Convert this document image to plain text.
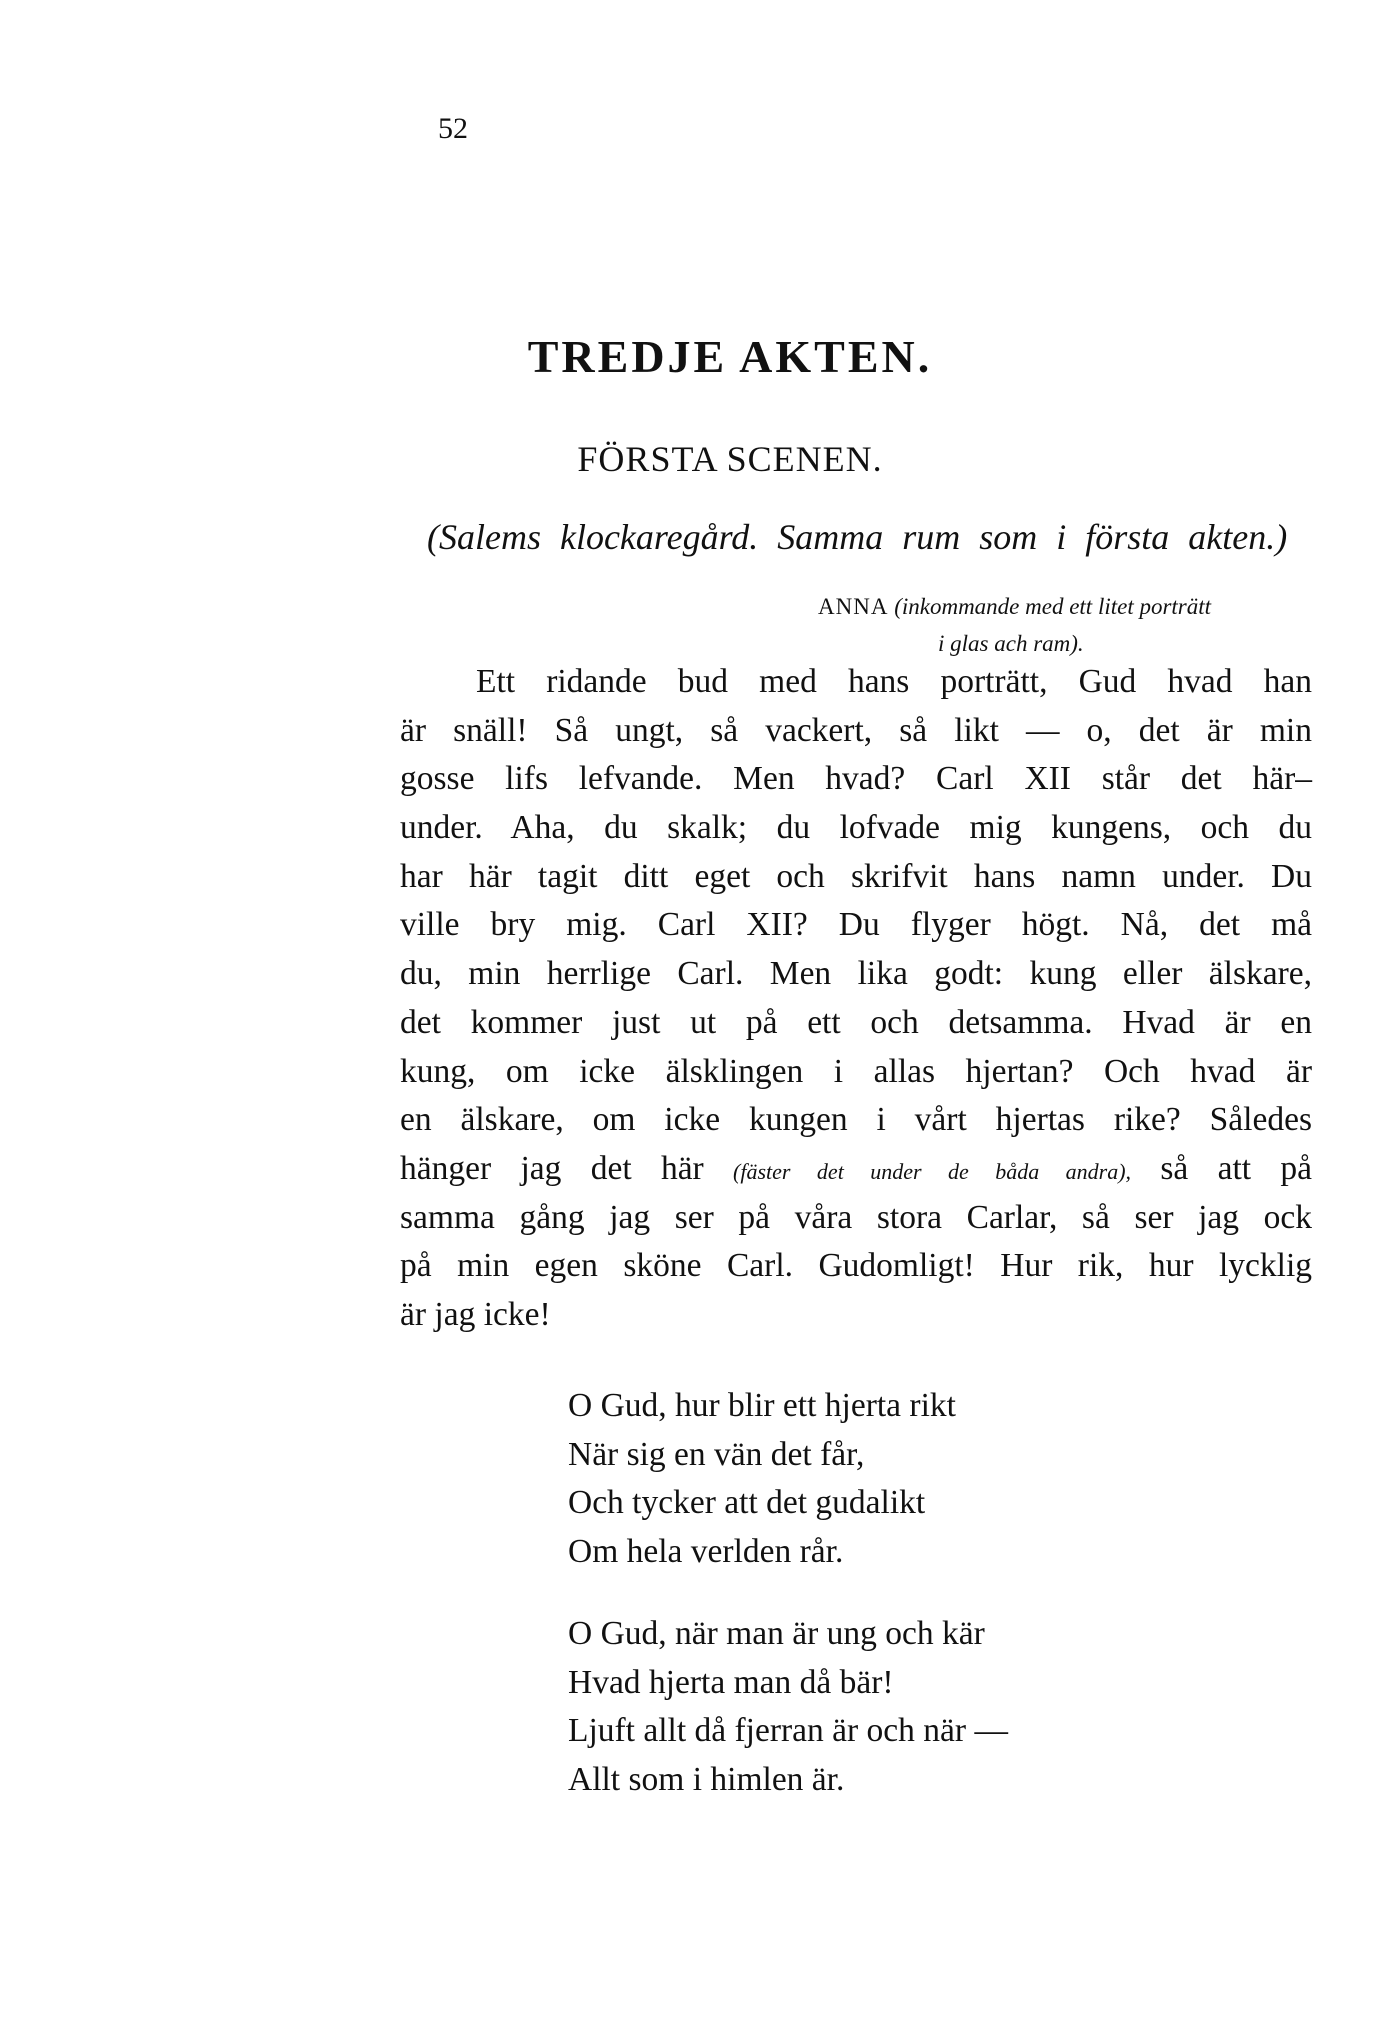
52
TREDJE AKTEN.
FÖRSTA SCENEN.
(Salems klockaregård. Samma rum som i första akten.)
ANNA (inkommande med ett litet porträtt
i glas ach ram).
Ett ridande bud med hans porträtt, Gud hvad han
är snäll! Så ungt, så vackert, så likt — o, det är min
gosse lifs lefvande. Men hvad? Carl XII står det här–
under. Aha, du skalk; du lofvade mig kungens, och du
har här tagit ditt eget och skrifvit hans namn under. Du
ville bry mig. Carl XII? Du flyger högt. Nå, det må
du, min herrlige Carl. Men lika godt: kung eller älskare,
det kommer just ut på ett och detsamma. Hvad är en
kung, om icke älsklingen i allas hjertan? Och hvad är
en älskare, om icke kungen i vårt hjertas rike? Således
hänger jag det här (fäster det under de båda andra), så att på
samma gång jag ser på våra stora Carlar, så ser jag ock
på min egen sköne Carl. Gudomligt! Hur rik, hur lycklig
är jag icke!
O Gud, hur blir ett hjerta rikt
När sig en vän det får,
Och tycker att det gudalikt
Om hela verlden rår.
O Gud, när man är ung och kär
Hvad hjerta man då bär!
Ljuft allt då fjerran är och när —
Allt som i himlen är.
